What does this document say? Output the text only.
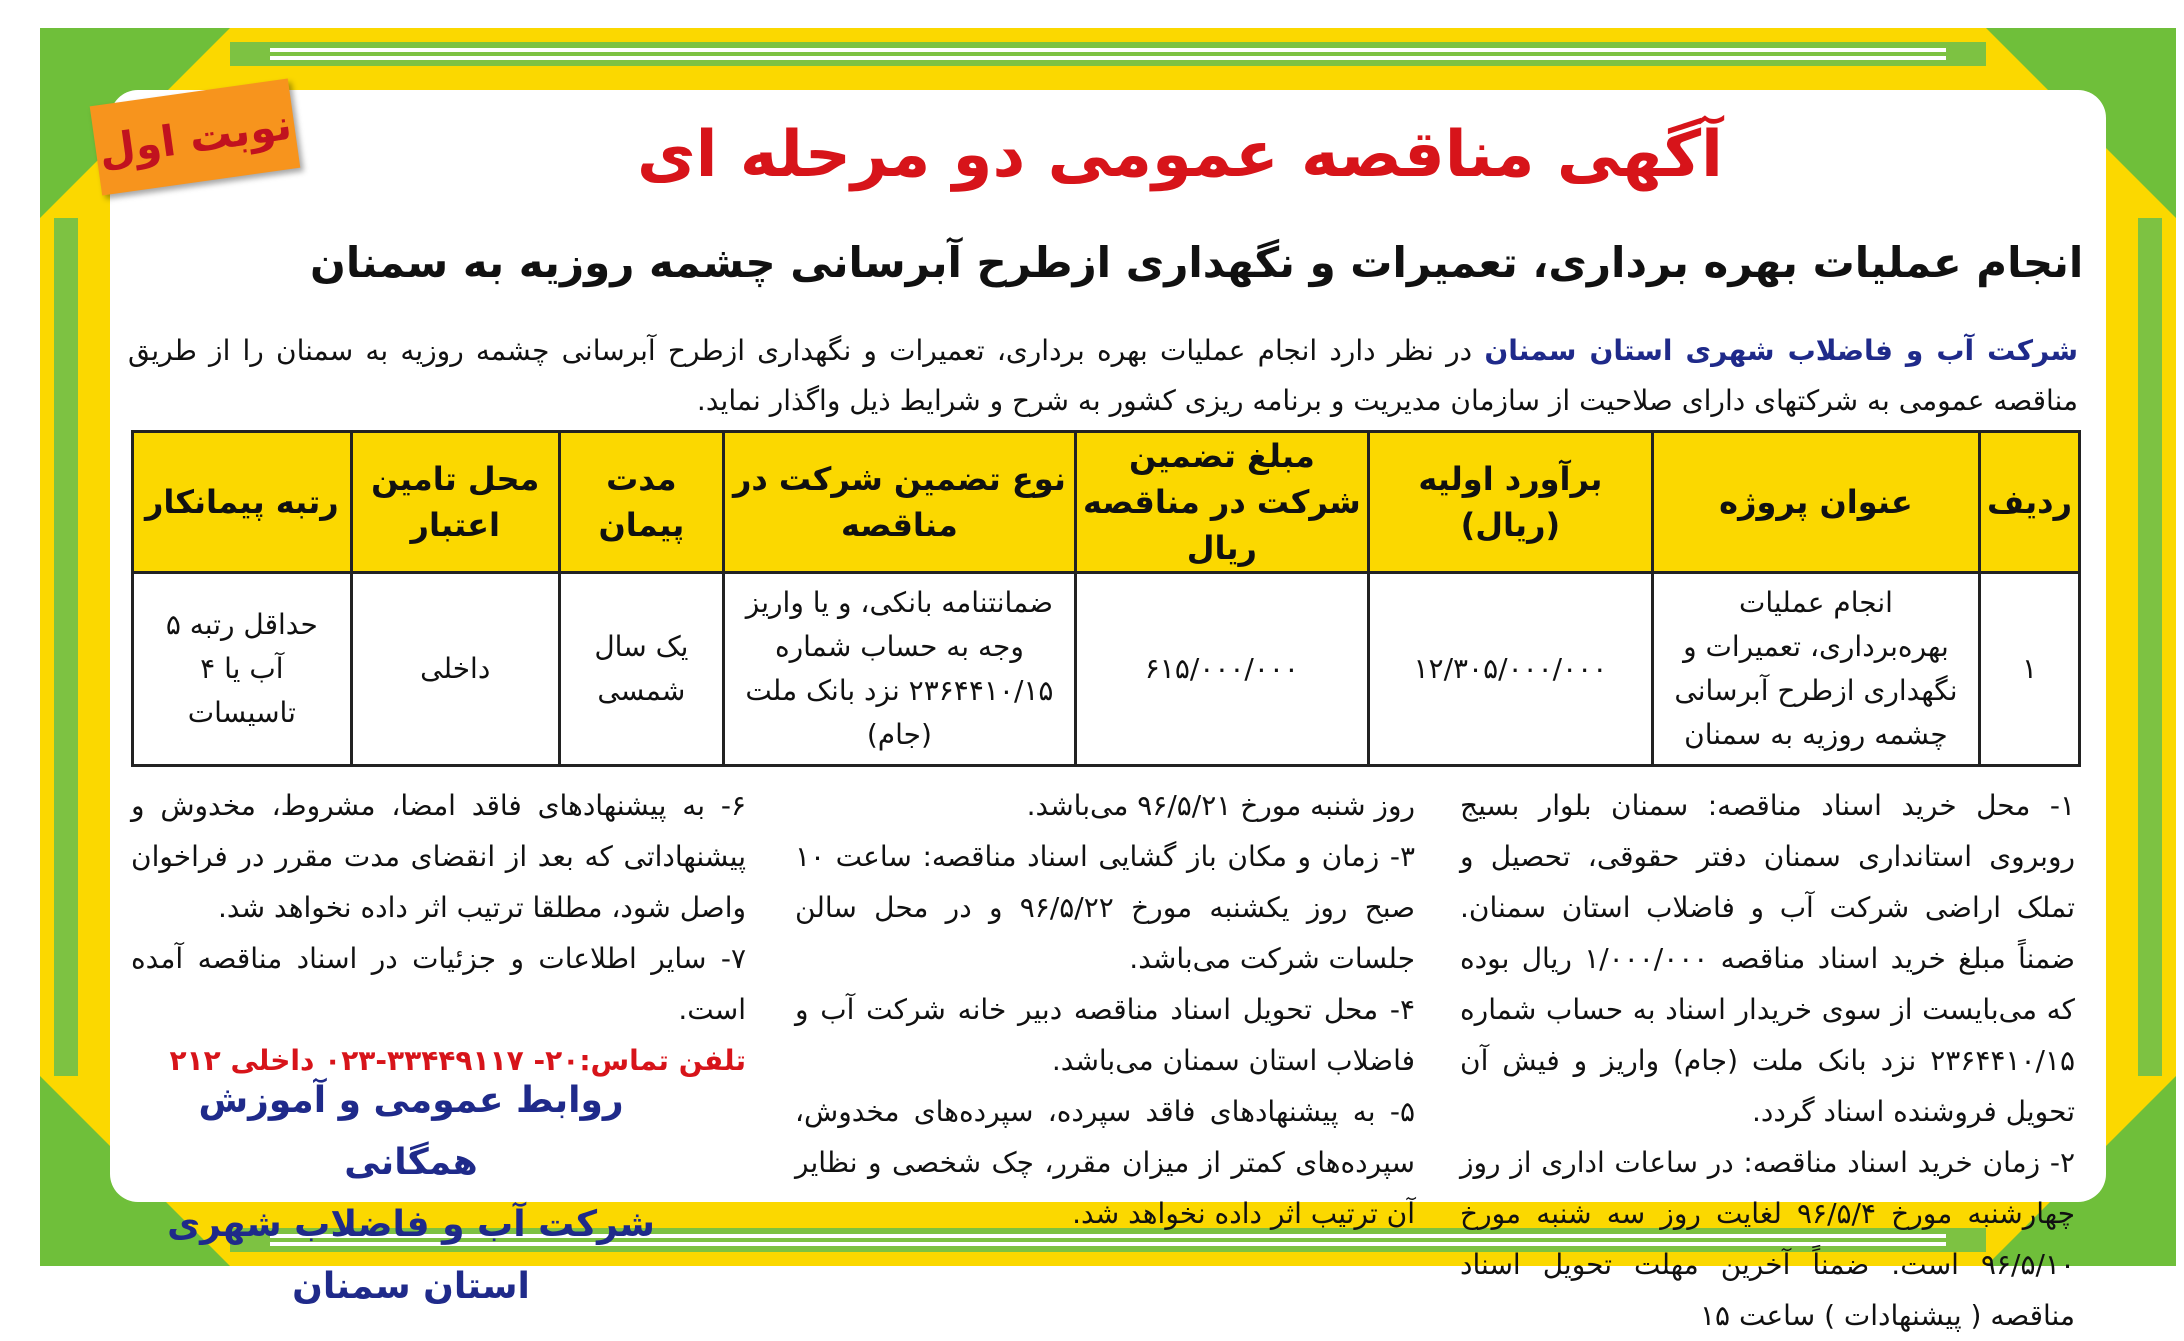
نوبت اول	آگهی مناقصه عمومی دو مرحله ای
انجام عملیات بهره برداری، تعمیرات و نگهداری ازطرح آبرسانی چشمه روزیه به سمنان
شرکت آب و فاضلاب شهری استان سمنان در نظر دارد انجام عملیات بهره برداری، تعمیرات و نگهداری ازطرح آبرسانی چشمه روزیه به سمنان را از طریق مناقصه عمومی به شرکتهای دارای صلاحیت از سازمان مدیریت و برنامه ریزی کشور به شرح و شرایط ذیل واگذار نماید.
ردیف	عنوان پروژه	برآورد اولیه (ریال)	مبلغ تضمین شرکت در مناقصه ریال	نوع تضمین شرکت در مناقصه	مدت پیمان	محل تامین اعتبار	رتبه پیمانکار
۱	انجام عملیات بهره‌برداری، تعمیرات و نگهداری ازطرح آبرسانی چشمه روزیه به سمنان	۱۲/۳۰۵/۰۰۰/۰۰۰	۶۱۵/۰۰۰/۰۰۰	ضمانتنامه بانکی، و یا واریز وجه به حساب شماره ۲۳۶۴۴۱۰/۱۵ نزد بانک ملت (جام)	یک سال شمسی	داخلی	حداقل رتبه ۵ آب یا ۴ تاسیسات
۱- محل خرید اسناد مناقصه: سمنان بلوار بسیج روبروی استانداری سمنان دفتر حقوقی، تحصیل و تملک اراضی شرکت آب و فاضلاب استان سمنان. ضمناً مبلغ خرید اسناد مناقصه ۱/۰۰۰/۰۰۰ ریال بوده که می‌بایست از سوی خریدار اسناد به حساب شماره ۲۳۶۴۴۱۰/۱۵ نزد بانک ملت (جام) واریز و فیش آن تحویل فروشنده اسناد گردد.
۲- زمان خرید اسناد مناقصه: در ساعات اداری از روز چهارشنبه مورخ ۹۶/۵/۴ لغایت روز سه شنبه مورخ ۹۶/۵/۱۰ است. ضمناً آخرین مهلت تحویل اسناد مناقصه ( پیشنهادات ) ساعت ۱۵
روز شنبه مورخ ۹۶/۵/۲۱ می‌باشد.
۳- زمان و مکان باز گشایی اسناد مناقصه: ساعت ۱۰ صبح روز یکشنبه مورخ ۹۶/۵/۲۲ و در محل سالن جلسات شرکت می‌باشد.
۴- محل تحویل اسناد مناقصه دبیر خانه شرکت آب و فاضلاب استان سمنان می‌باشد.
۵- به پیشنهادهای فاقد سپرده، سپرده‌های مخدوش، سپرده‌های کمتر از میزان مقرر، چک شخصی و نظایر آن ترتیب اثر داده نخواهد شد.
۶- به پیشنهادهای فاقد امضا، مشروط، مخدوش و پیشنهاداتی که بعد از انقضای مدت مقرر در فراخوان واصل شود، مطلقا ترتیب اثر داده نخواهد شد.
۷- سایر اطلاعات و جزئیات در اسناد مناقصه آمده است.
تلفن تماس:۲۰- ۳۳۴۴۹۱۱۷-۰۲۳ داخلی ۲۱۲
روابط عمومی و آموزش همگانی
شرکت آب و فاضلاب شهری استان سمنان
